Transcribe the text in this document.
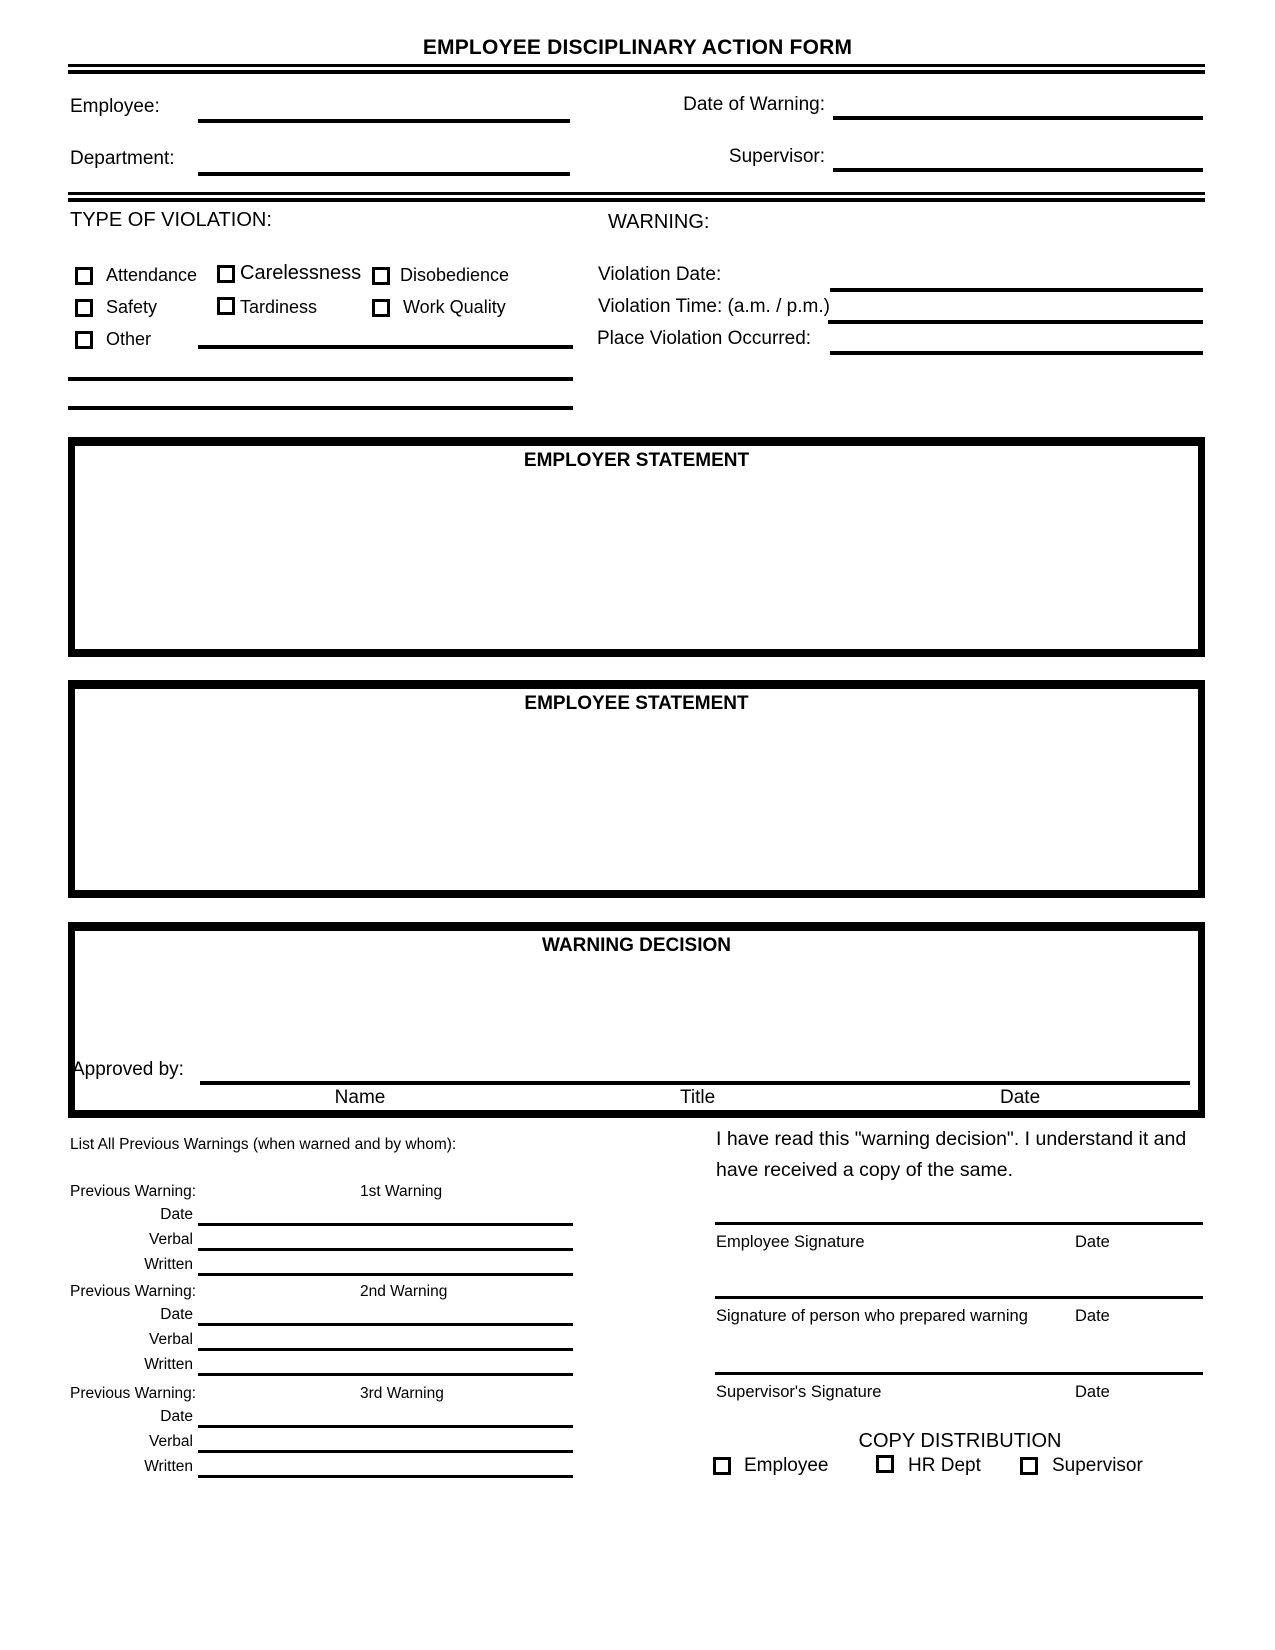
EMPLOYEE DISCIPLINARY ACTION FORM
Employee:	Date of Warning:
Department:	Supervisor:
TYPE OF VIOLATION:	WARNING:
Attendance Carelessness Disobedience
Safety	Tardiness	Work Quality
Other
Violation Date:
Violation Time: (a.m. / p.m.)
Place Violation Occurred:
EMPLOYER STATEMENT
EMPLOYEE STATEMENT
WARNING DECISION
Approved by:
Name	Title	Date
List All Previous Warnings (when warned and by whom):
Previous Warning:	1st Warning
Date
Verbal
Written
Previous Warning:	2nd Warning
Date
Verbal
Written
Previous Warning:	3rd Warning
Date
Verbal
Written
I have read this "warning decision". I understand it and have received a copy of the same.
Employee Signature	Date
Signature of person who prepared warning	Date
Supervisor's Signature	Date
COPY DISTRIBUTION
Employee	HR Dept	Supervisor
